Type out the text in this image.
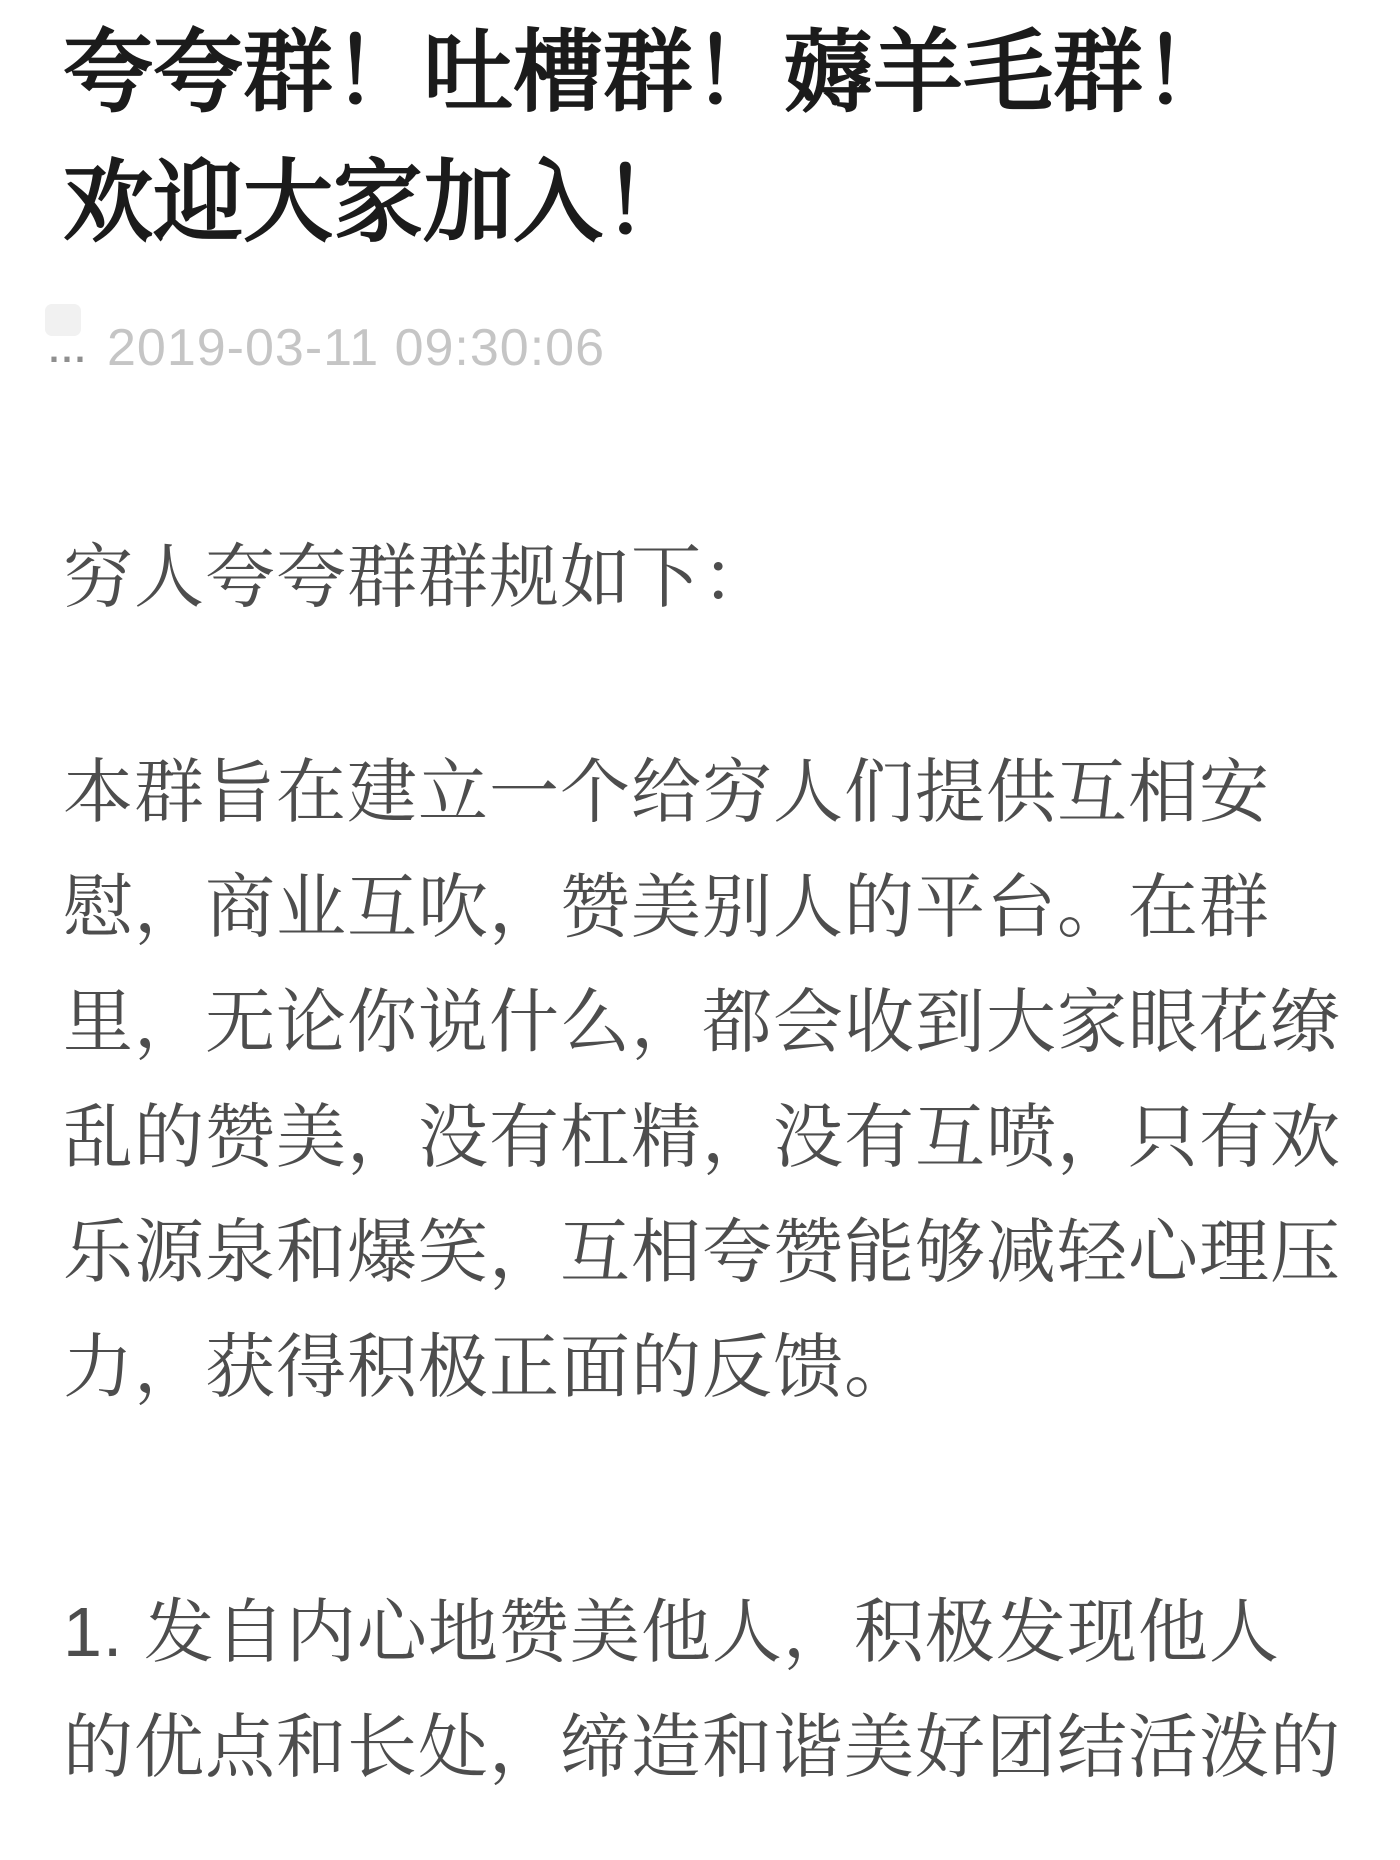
夸夸群！吐槽群！薅羊毛群！
欢迎大家加入！
... 2019-03-11 09:30:06
穷人夸夸群群规如下：
本群旨在建立一个给穷人们提供互相安
慰，商业互吹，赞美别人的平台。在群
里，无论你说什么，都会收到大家眼花缭
乱的赞美，没有杠精，没有互喷，只有欢
乐源泉和爆笑，互相夸赞能够减轻心理压
力，获得积极正面的反馈。
1. 发自内心地赞美他人，积极发现他人
的优点和长处，缔造和谐美好团结活泼的
